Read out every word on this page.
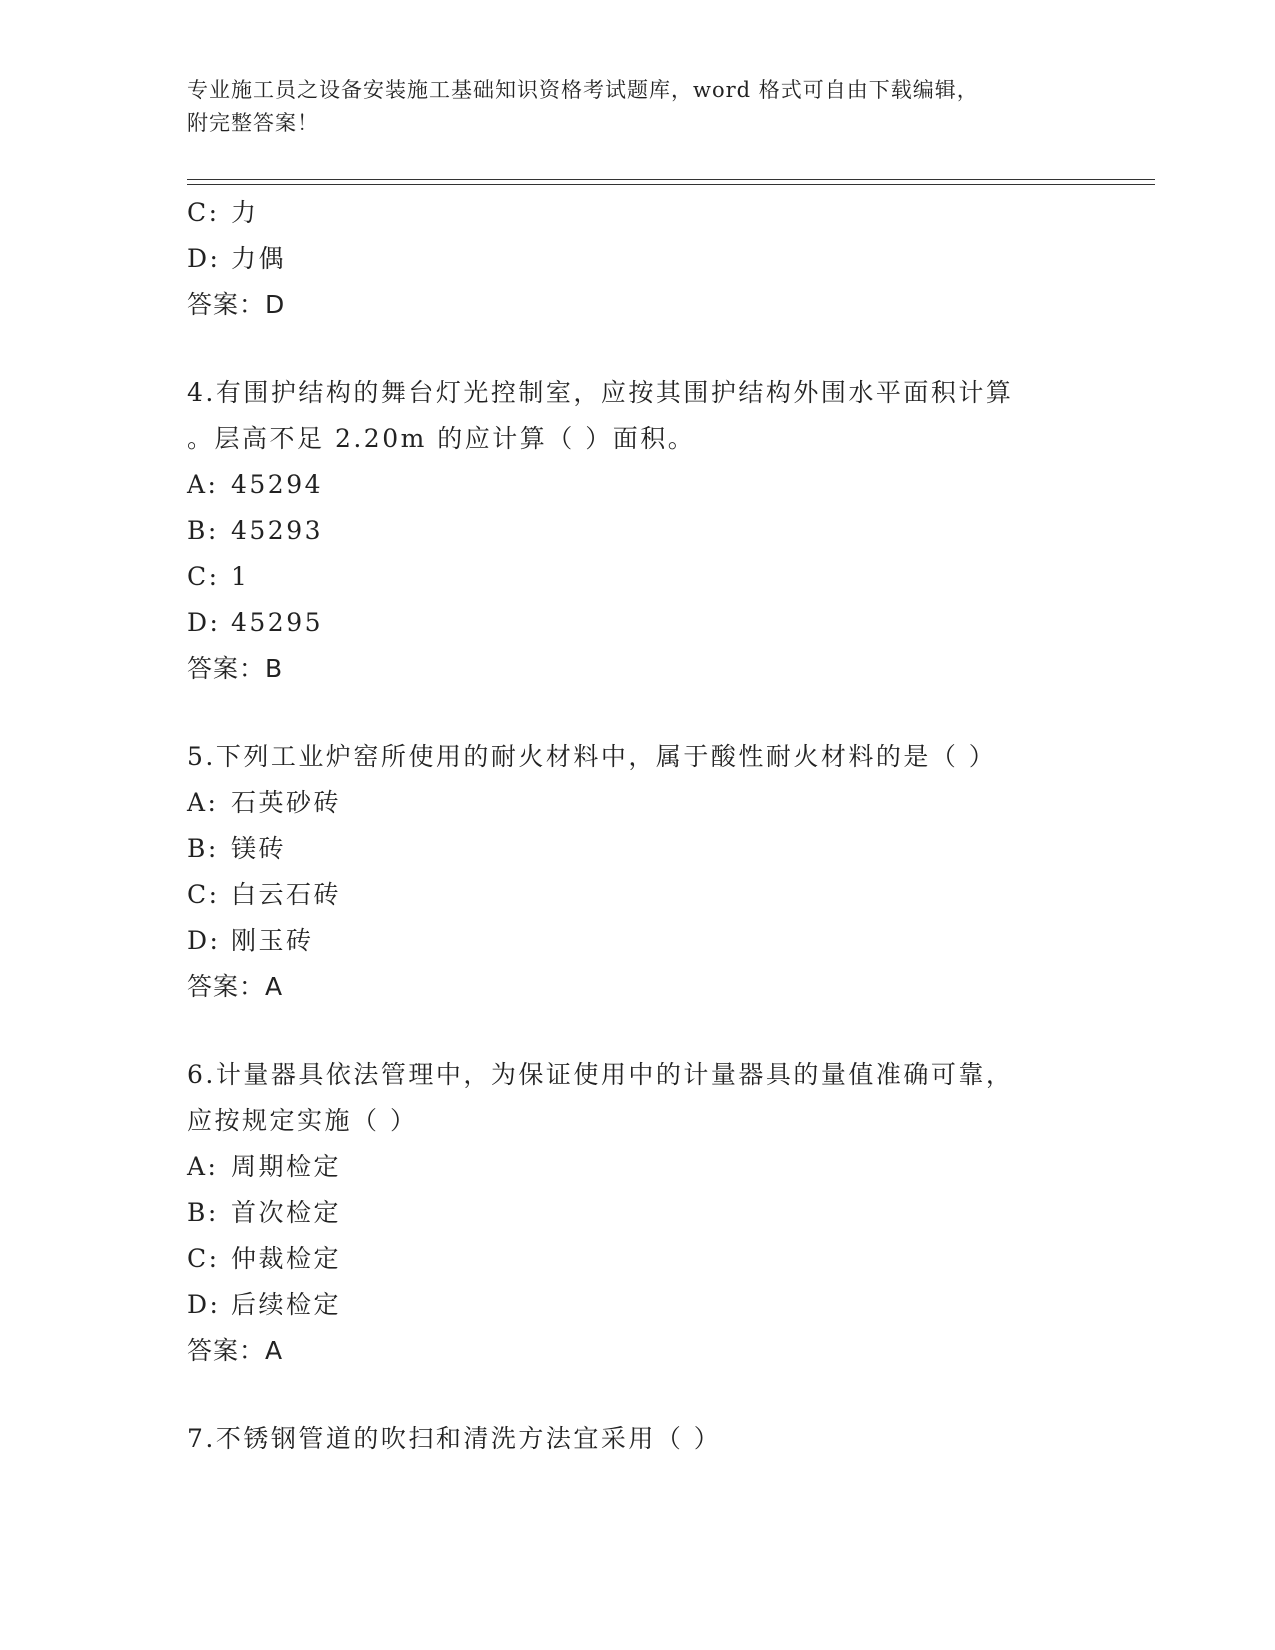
专业施工员之设备安装施工基础知识资格考试题库，word 格式可自由下载编辑，
附完整答案！
C: 力
D: 力偶
答案：D
4.有围护结构的舞台灯光控制室，应按其围护结构外围水平面积计算
。层高不足 2.20m 的应计算（ ）面积。
A: 45294
B: 45293
C: 1
D: 45295
答案：B
5.下列工业炉窑所使用的耐火材料中，属于酸性耐火材料的是（ ）
A: 石英砂砖
B: 镁砖
C: 白云石砖
D: 刚玉砖
答案：A
6.计量器具依法管理中，为保证使用中的计量器具的量值准确可靠，
应按规定实施（ ）
A: 周期检定
B: 首次检定
C: 仲裁检定
D: 后续检定
答案：A
7.不锈钢管道的吹扫和清洗方法宜采用（ ）
